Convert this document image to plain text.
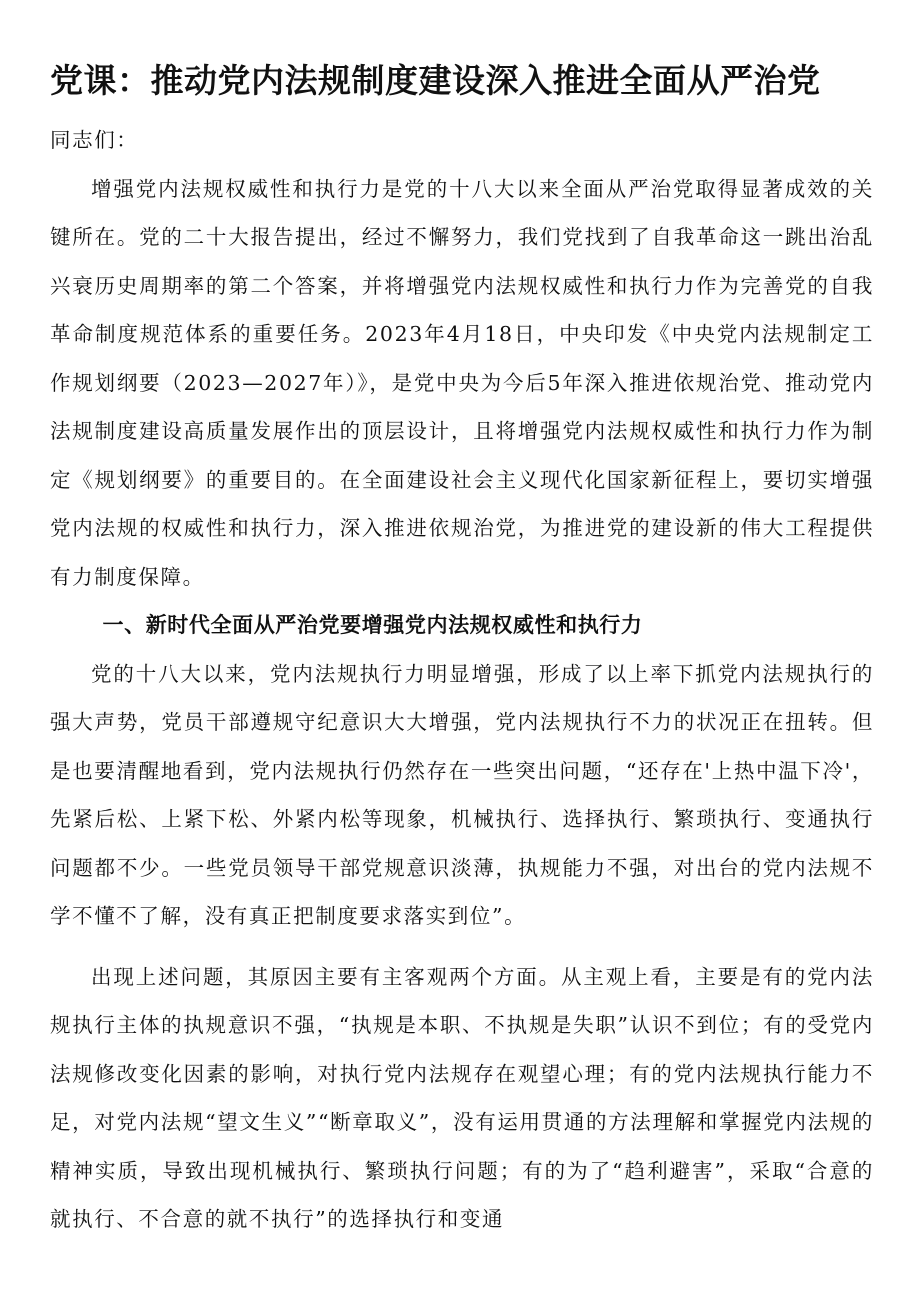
党课：推动党内法规制度建设深入推进全面从严治党
同志们：

增强党内法规权威性和执行力是党的十八大以来全面从严治党取得显著成效的关键所在。党的二十大报告提出，经过不懈努力，我们党找到了自我革命这一跳出治乱兴衰历史周期率的第二个答案，并将增强党内法规权威性和执行力作为完善党的自我革命制度规范体系的重要任务。2023年4月18日，中央印发《中央党内法规制定工作规划纲要（2023—2027年）》，是党中央为今后5年深入推进依规治党、推动党内法规制度建设高质量发展作出的顶层设计，且将增强党内法规权威性和执行力作为制定《规划纲要》的重要目的。在全面建设社会主义现代化国家新征程上，要切实增强党内法规的权威性和执行力，深入推进依规治党，为推进党的建设新的伟大工程提供有力制度保障。

一、新时代全面从严治党要增强党内法规权威性和执行力

党的十八大以来，党内法规执行力明显增强，形成了以上率下抓党内法规执行的强大声势，党员干部遵规守纪意识大大增强，党内法规执行不力的状况正在扭转。但是也要清醒地看到，党内法规执行仍然存在一些突出问题，“还存在'上热中温下冷'，先紧后松、上紧下松、外紧内松等现象，机械执行、选择执行、繁琐执行、变通执行问题都不少。一些党员领导干部党规意识淡薄，执规能力不强，对出台的党内法规不学不懂不了解，没有真正把制度要求落实到位”。

出现上述问题，其原因主要有主客观两个方面。从主观上看，主要是有的党内法规执行主体的执规意识不强，“执规是本职、不执规是失职”认识不到位；有的受党内法规修改变化因素的影响，对执行党内法规存在观望心理；有的党内法规执行能力不足，对党内法规“望文生义”“断章取义”，没有运用贯通的方法理解和掌握党内法规的精神实质，导致出现机械执行、繁琐执行问题；有的为了“趋利避害”，采取“合意的就执行、不合意的就不执行”的选择执行和变通
